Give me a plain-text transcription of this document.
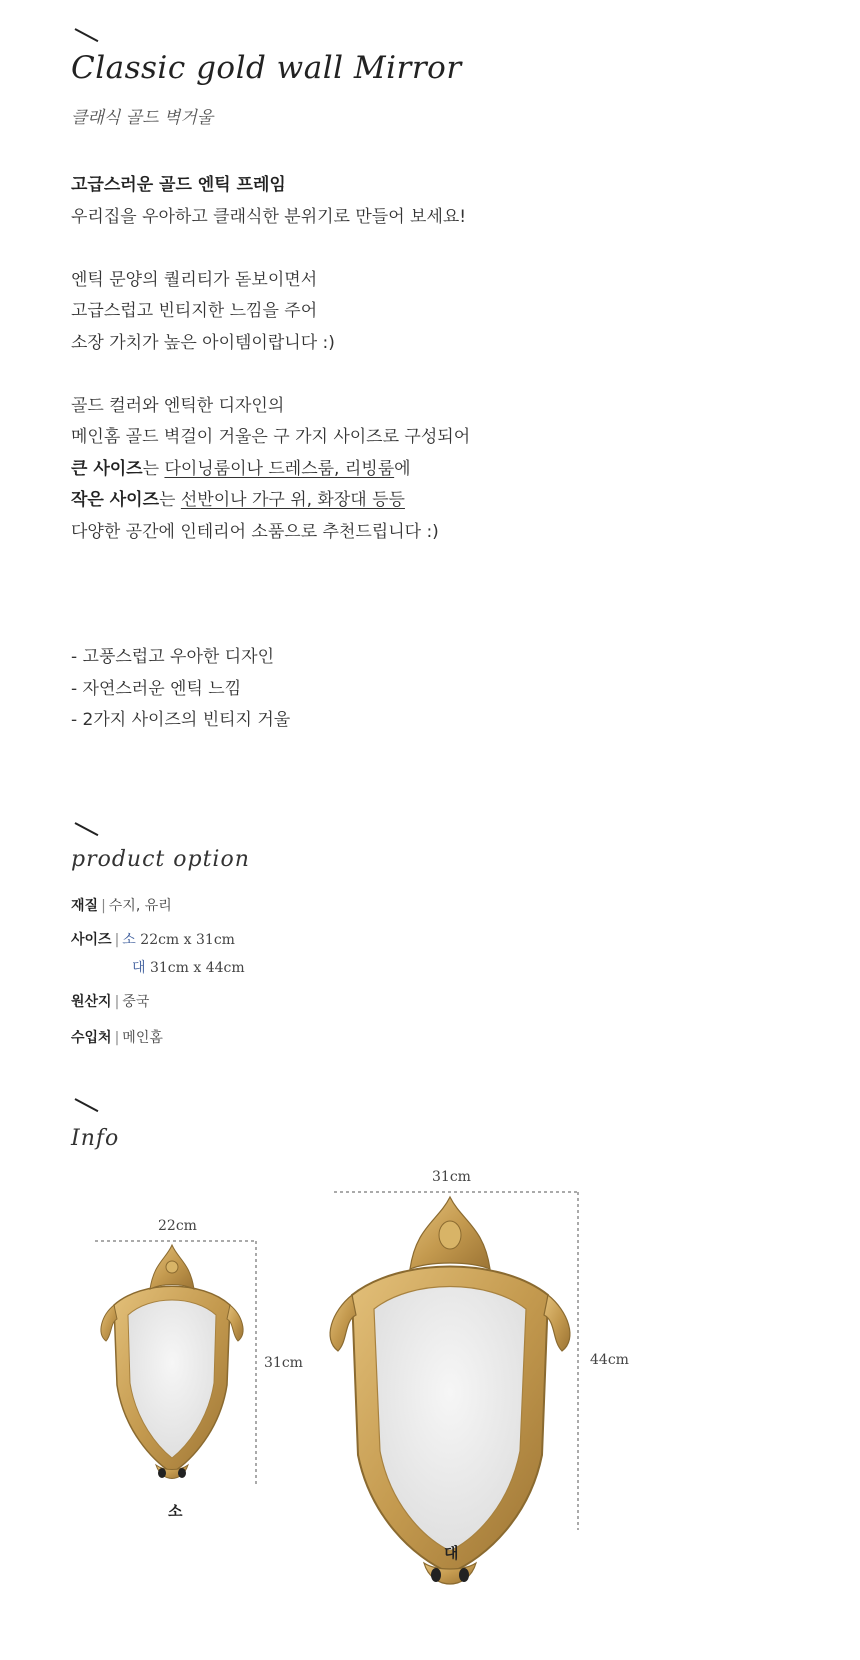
Classic gold wall Mirror
클래식 골드 벽거울
고급스러운 골드 엔틱 프레임
우리집을 우아하고 클래식한 분위기로 만들어 보세요!
엔틱 문양의 퀄리티가 돋보이면서
고급스럽고 빈티지한 느낌을 주어
소장 가치가 높은 아이템이랍니다 :)
골드 컬러와 엔틱한 디자인의
메인홈 골드 벽걸이 거울은 구 가지 사이즈로 구성되어
큰 사이즈는 다이닝룸이나 드레스룸, 리빙룸에
작은 사이즈는 선반이나 가구 위, 화장대 등등
다양한 공간에 인테리어 소품으로 추천드립니다 :)
- 고풍스럽고 우아한 디자인
- 자연스러운 엔틱 느낌
- 2가지 사이즈의 빈티지 거울
product option
재질 | 수지, 유리
사이즈 | 소 22cm x 31cm
대 31cm x 44cm
원산지 | 중국
수입처 | 메인홈
Info
22cm
31cm
소
31cm
44cm
대
